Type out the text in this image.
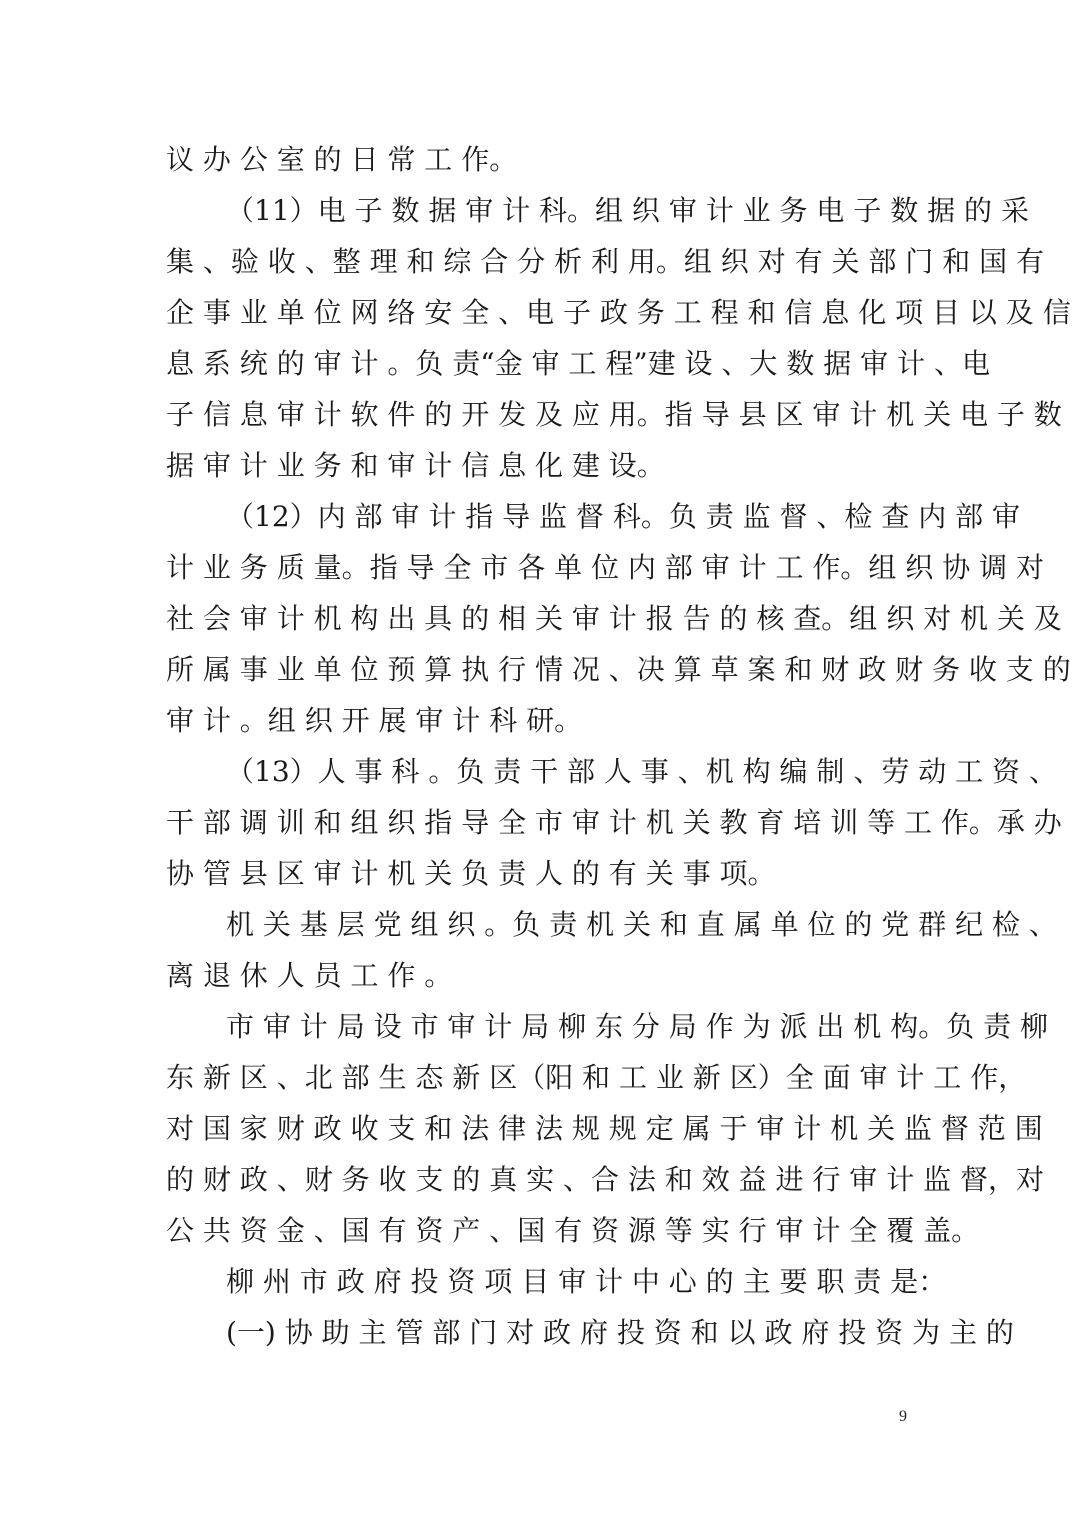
议 办 公 室 的 日 常 工 作。
（11）电 子 数 据 审 计 科。组 织 审 计 业 务 电 子 数 据 的 采
集 、验 收 、整 理 和 综 合 分 析 利 用。组 织 对 有 关 部 门 和 国 有
企 事 业 单 位 网 络 安 全 、电 子 政 务 工 程 和 信 息 化 项 目 以 及 信
息 系 统 的 审 计 。负 责“金 审 工 程”建 设 、大 数 据 审 计 、电
子 信 息 审 计 软 件 的 开 发 及 应 用。指 导 县 区 审 计 机 关 电 子 数
据 审 计 业 务 和 审 计 信 息 化 建 设。
（12）内 部 审 计 指 导 监 督 科。负 责 监 督 、检 查 内 部 审
计 业 务 质 量。指 导 全 市 各 单 位 内 部 审 计 工 作。组 织 协 调 对
社 会 审 计 机 构 出 具 的 相 关 审 计 报 告 的 核 查。组 织 对 机 关 及
所 属 事 业 单 位 预 算 执 行 情 况 、决 算 草 案 和 财 政 财 务 收 支 的
审 计 。组 织 开 展 审 计 科 研。
（13）人 事 科 。负 责 干 部 人 事 、机 构 编 制 、劳 动 工 资 、
干 部 调 训 和 组 织 指 导 全 市 审 计 机 关 教 育 培 训 等 工 作。承 办
协 管 县 区 审 计 机 关 负 责 人 的 有 关 事 项。
机 关 基 层 党 组 织 。负 责 机 关 和 直 属 单 位 的 党 群 纪 检 、
离 退 休 人 员 工 作 。
市 审 计 局 设 市 审 计 局 柳 东 分 局 作 为 派 出 机 构。负 责 柳
东 新 区 、北 部 生 态 新 区（阳 和 工 业 新 区）全 面 审 计 工 作，
对 国 家 财 政 收 支 和 法 律 法 规 规 定 属 于 审 计 机 关 监 督 范 围
的 财 政 、财 务 收 支 的 真 实 、合 法 和 效 益 进 行 审 计 监 督，对
公 共 资 金 、国 有 资 产 、国 有 资 源 等 实 行 审 计 全 覆 盖。
柳 州 市 政 府 投 资 项 目 审 计 中 心 的 主 要 职 责 是：
(一) 协 助 主 管 部 门 对 政 府 投 资 和 以 政 府 投 资 为 主 的
9
